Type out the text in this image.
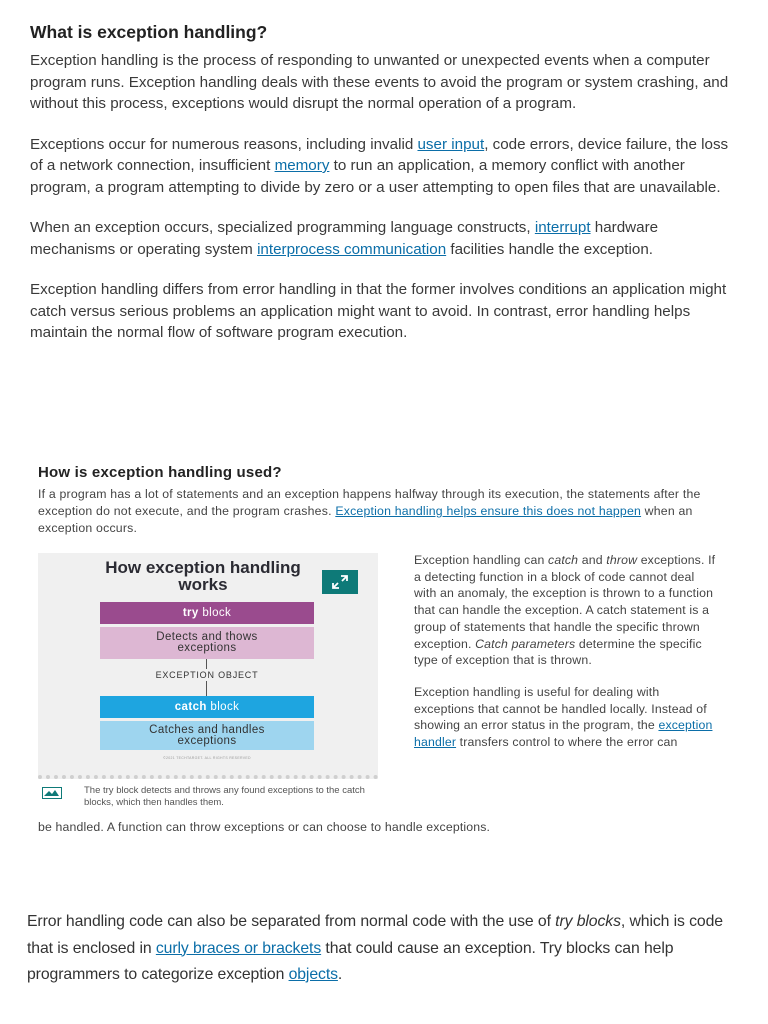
What is exception handling?

Exception handling is the process of responding to unwanted or unexpected events when a computer program runs. Exception handling deals with these events to avoid the program or system crashing, and without this process, exceptions would disrupt the normal operation of a program.

Exceptions occur for numerous reasons, including invalid user input, code errors, device failure, the loss of a network connection, insufficient memory to run an application, a memory conflict with another program, a program attempting to divide by zero or a user attempting to open files that are unavailable.

When an exception occurs, specialized programming language constructs, interrupt hardware mechanisms or operating system interprocess communication facilities handle the exception.

Exception handling differs from error handling in that the former involves conditions an application might catch versus serious problems an application might want to avoid. In contrast, error handling helps maintain the normal flow of software program execution.

How is exception handling used?

If a program has a lot of statements and an exception happens halfway through its execution, the statements after the exception do not execute, and the program crashes. Exception handling helps ensure this does not happen when an exception occurs.

How exception handling
works
try block
Detects and thows exceptions
EXCEPTION OBJECT
catch block
Catches and handles exceptions
©2021 TECHTARGET. ALL RIGHTS RESERVED
The try block detects and throws any found exceptions to the catch blocks, which then handles them.

Exception handling can catch and throw exceptions. If a detecting function in a block of code cannot deal with an anomaly, the exception is thrown to a function that can handle the exception. A catch statement is a group of statements that handle the specific thrown exception. Catch parameters determine the specific type of exception that is thrown.

Exception handling is useful for dealing with exceptions that cannot be handled locally. Instead of showing an error status in the program, the exception handler transfers control to where the error can

be handled. A function can throw exceptions or can choose to handle exceptions.
Error handling code can also be separated from normal code with the use of try blocks, which is code that is enclosed in curly braces or brackets that could cause an exception. Try blocks can help programmers to categorize exception objects.
